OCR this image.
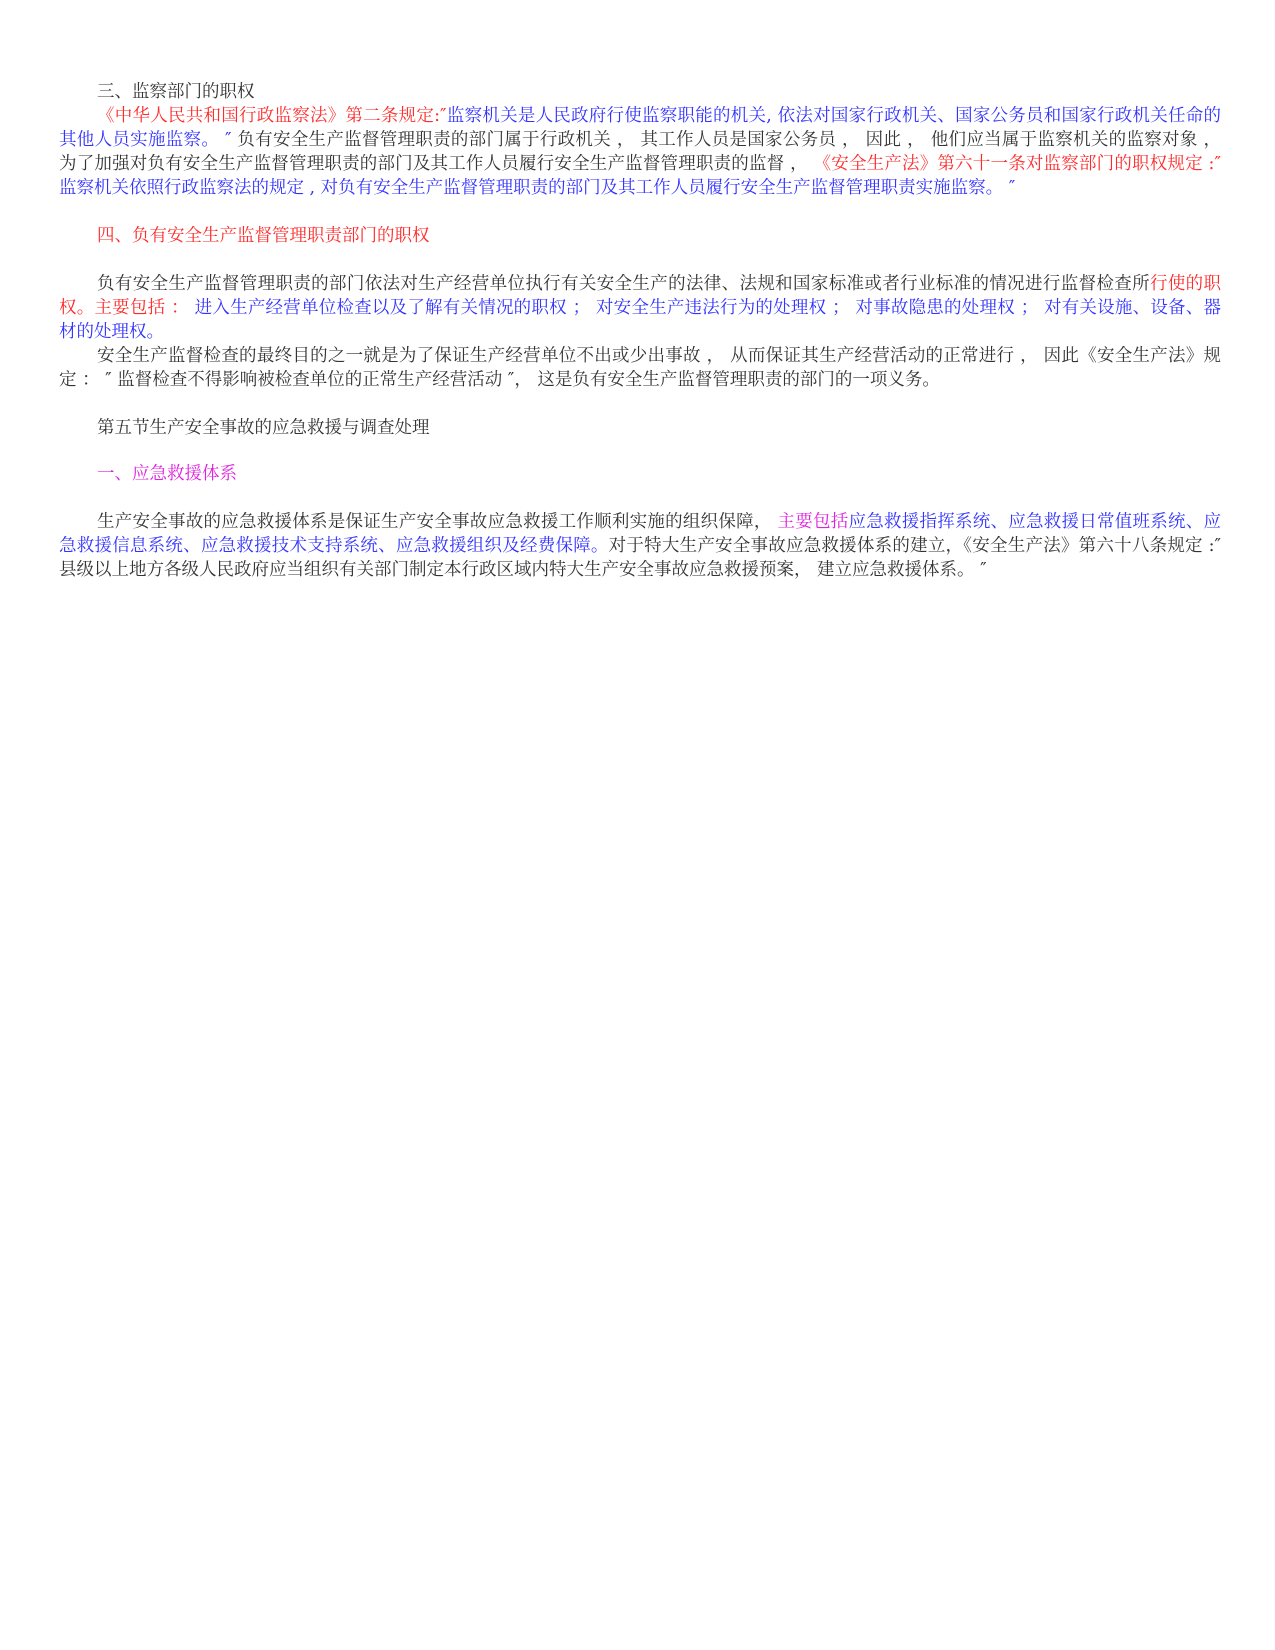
三、监察部门的职权

《中华人民共和国行政监察法》第二条规定:″监察机关是人民政府行使监察职能的机关, 依法对国家行政机关、国家公务员和国家行政机关任命的其他人员实施监察。 ″ 负有安全生产监督管理职责的部门属于行政机关 ， 其工作人员是国家公务员 ， 因此 ， 他们应当属于监察机关的监察对象 ， 为了加强对负有安全生产监督管理职责的部门及其工作人员履行安全生产监督管理职责的监督 ， 《安全生产法》第六十一条对监察部门的职权规定 :″ 监察机关依照行政监察法的规定 , 对负有安全生产监督管理职责的部门及其工作人员履行安全生产监督管理职责实施监察。 ″

四、负有安全生产监督管理职责部门的职权

负有安全生产监督管理职责的部门依法对生产经营单位执行有关安全生产的法律、法规和国家标准或者行业标准的情况进行监督检查所行使的职权。主要包括 ： 进入生产经营单位检查以及了解有关情况的职权 ； 对安全生产违法行为的处理权 ； 对事故隐患的处理权 ； 对有关设施、设备、器材的处理权。

安全生产监督检查的最终目的之一就是为了保证生产经营单位不出或少出事故 ， 从而保证其生产经营活动的正常进行 ， 因此《安全生产法》规定 ： ″ 监督检查不得影响被检查单位的正常生产经营活动 ″， 这是负有安全生产监督管理职责的部门的一项义务。

第五节生产安全事故的应急救援与调查处理

一、应急救援体系

生产安全事故的应急救援体系是保证生产安全事故应急救援工作顺利实施的组织保障， 主要包括应急救援指挥系统、应急救援日常值班系统、应急救援信息系统、应急救援技术支持系统、应急救援组织及经费保障。对于特大生产安全事故应急救援体系的建立，《安全生产法》第六十八条规定 :″ 县级以上地方各级人民政府应当组织有关部门制定本行政区域内特大生产安全事故应急救援预案， 建立应急救援体系。 ″
